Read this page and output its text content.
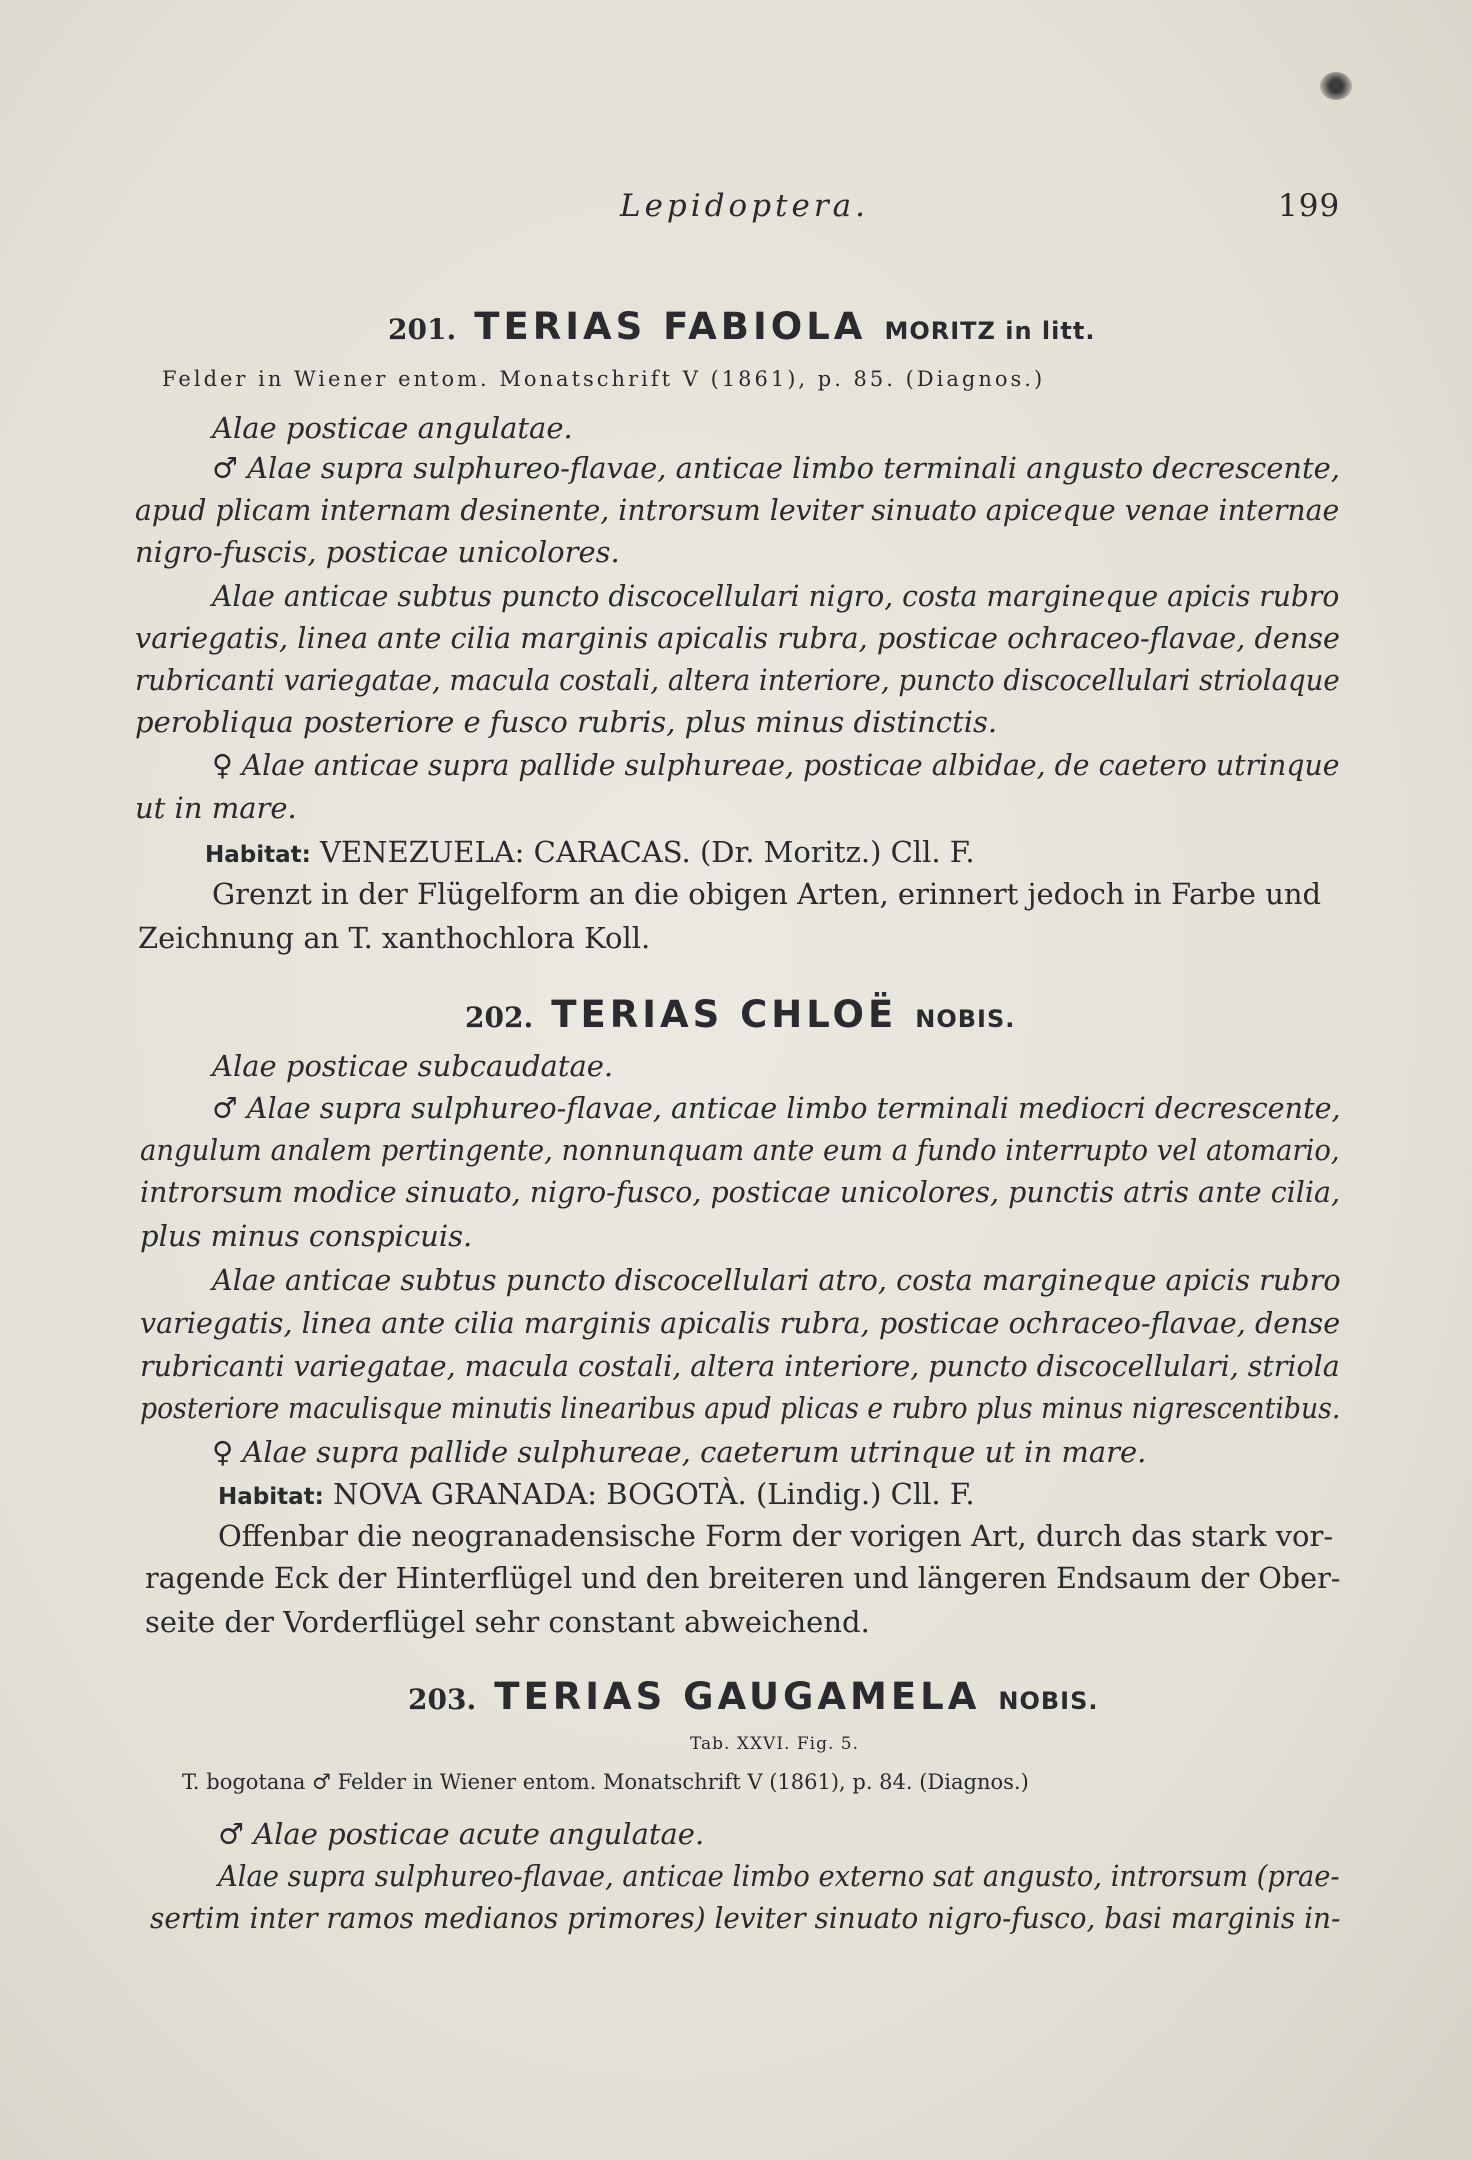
Lepidoptera.	199
201. TERIAS FABIOLA MORITZ in litt.
Felder in Wiener entom. Monatschrift V (1861), p. 85. (Diagnos.)
Alae posticae angulatae.
♂ Alae supra sulphureo-flavae, anticae limbo terminali angusto decrescente,
apud plicam internam desinente, introrsum leviter sinuato apiceque venae internae
nigro-fuscis, posticae unicolores.
Alae anticae subtus puncto discocellulari nigro, costa margineque apicis rubro
variegatis, linea ante cilia marginis apicalis rubra, posticae ochraceo-flavae, dense
rubricanti variegatae, macula costali, altera interiore, puncto discocellulari striolaque
perobliqua posteriore e fusco rubris, plus minus distinctis.
♀ Alae anticae supra pallide sulphureae, posticae albidae, de caetero utrinque
ut in mare.
Habitat: VENEZUELA: CARACAS. (Dr. Moritz.) Cll. F.
Grenzt in der Flügelform an die obigen Arten, erinnert jedoch in Farbe und
Zeichnung an T. xanthochlora Koll.
202. TERIAS CHLOË NOBIS.
Alae posticae subcaudatae.
♂ Alae supra sulphureo-flavae, anticae limbo terminali mediocri decrescente,
angulum analem pertingente, nonnunquam ante eum a fundo interrupto vel atomario,
introrsum modice sinuato, nigro-fusco, posticae unicolores, punctis atris ante cilia,
plus minus conspicuis.
Alae anticae subtus puncto discocellulari atro, costa margineque apicis rubro
variegatis, linea ante cilia marginis apicalis rubra, posticae ochraceo-flavae, dense
rubricanti variegatae, macula costali, altera interiore, puncto discocellulari, striola
posteriore maculisque minutis linearibus apud plicas e rubro plus minus nigrescentibus.
♀ Alae supra pallide sulphureae, caeterum utrinque ut in mare.
Habitat: NOVA GRANADA: BOGOTÀ. (Lindig.) Cll. F.
Offenbar die neogranadensische Form der vorigen Art, durch das stark vor-
ragende Eck der Hinterflügel und den breiteren und längeren Endsaum der Ober-
seite der Vorderflügel sehr constant abweichend.
203. TERIAS GAUGAMELA NOBIS.
Tab. XXVI. Fig. 5.
T. bogotana ♂ Felder in Wiener entom. Monatschrift V (1861), p. 84. (Diagnos.)
♂ Alae posticae acute angulatae.
Alae supra sulphureo-flavae, anticae limbo externo sat angusto, introrsum (prae-
sertim inter ramos medianos primores) leviter sinuato nigro-fusco, basi marginis in-
